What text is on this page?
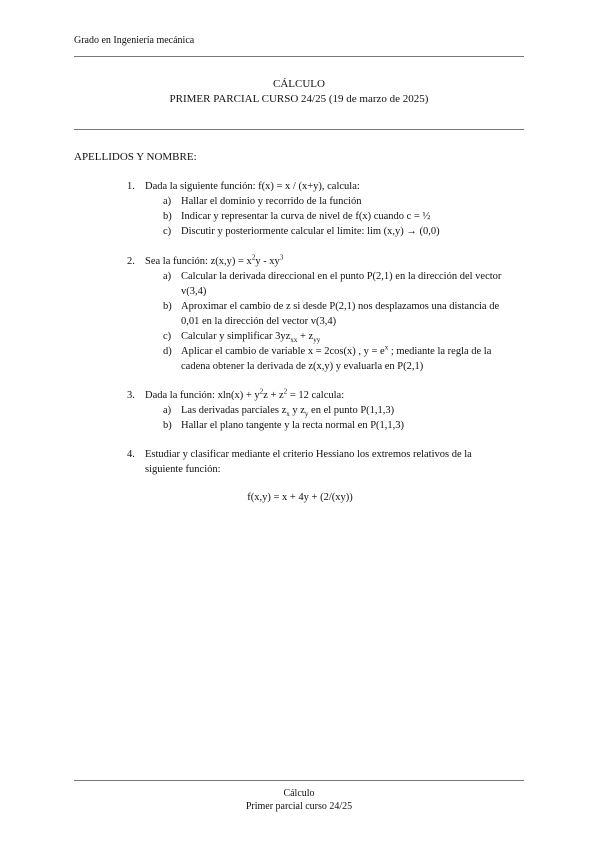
Grado en Ingeniería mecánica
CÁLCULO
PRIMER PARCIAL CURSO 24/25 (19 de marzo de 2025)
APELLIDOS Y NOMBRE:
1. Dada la siguiente función: f(x) = x / (x+y), calcula:
a) Hallar el dominio y recorrido de la función
b) Indicar y representar la curva de nivel de f(x) cuando c = ½
c) Discutir y posteriormente calcular el límite: lim (x,y) → (0,0)
2. Sea la función: $z(x,y) = x^2y - xy^3$
a) Calcular la derivada direccional en el punto P(2,1) en la dirección del vector
v(3,4)
b) Aproximar el cambio de z si desde P(2,1) nos desplazamos una distancia de
0,01 en la dirección del vector v(3,4)
c) Calcular y simplificar $3yz_{xx} + z_{yy}$
d) Aplicar el cambio de variable x = 2cos(x) , $y = e^x$ ; mediante la regla de la
cadena obtener la derivada de z(x,y) y evaluarla en P(2,1)
3. Dada la función: $xln(x) + y^2z + z^2 = 12$ calcula:
a) Las derivadas parciales $z_x$ y $z_y$ en el punto P(1,1,3)
b) Hallar el plano tangente y la recta normal en P(1,1,3)
4. Estudiar y clasificar mediante el criterio Hessiano los extremos relativos de la
siguiente función:
f(x,y) = x + 4y + (2/(xy))
Cálculo
Primer parcial curso 24/25
